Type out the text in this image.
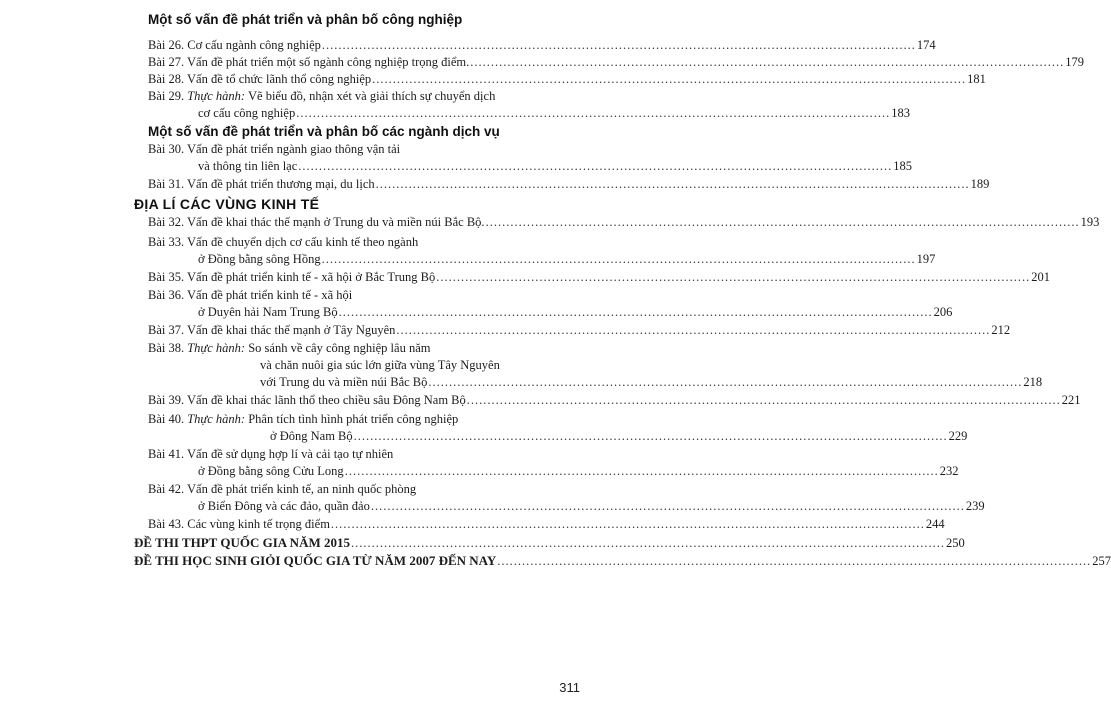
Một số vấn đề phát triển và phân bố công nghiệp
Bài 26. Cơ cấu ngành công nghiệp ................................................................................................................................................ 174
Bài 27. Vấn đề phát triển một số ngành công nghiệp trọng điểm. ................................................................................................................................................ 179
Bài 28. Vấn đề tổ chức lãnh thổ công nghiệp ................................................................................................................................................ 181
Bài 29. Thực hành: Vẽ biểu đồ, nhận xét và giải thích sự chuyển dịch
cơ cấu công nghiệp ................................................................................................................................................ 183
Một số vấn đề phát triển và phân bố các ngành dịch vụ
Bài 30. Vấn đề phát triển ngành giao thông vận tải
và thông tin liên lạc ................................................................................................................................................ 185
Bài 31. Vấn đề phát triển thương mại, du lịch ................................................................................................................................................ 189
ĐỊA LÍ CÁC VÙNG KINH TẾ
Bài 32. Vấn đề khai thác thế mạnh ở Trung du và miền núi Bắc Bộ. ................................................................................................................................................ 193
Bài 33. Vấn đề chuyển dịch cơ cấu kinh tế theo ngành
ở Đồng bằng sông Hồng ................................................................................................................................................ 197
Bài 35. Vấn đề phát triển kinh tế - xã hội ở Bắc Trung Bộ ................................................................................................................................................ 201
Bài 36. Vấn đề phát triển kinh tế - xã hội
ở Duyên hải Nam Trung Bộ ................................................................................................................................................ 206
Bài 37. Vấn đề khai thác thế mạnh ở Tây Nguyên ................................................................................................................................................ 212
Bài 38. Thực hành: So sánh về cây công nghiệp lâu năm
và chăn nuôi gia súc lớn giữa vùng Tây Nguyên
với Trung du và miền núi Bắc Bộ ................................................................................................................................................ 218
Bài 39. Vấn đề khai thác lãnh thổ theo chiều sâu Đông Nam Bộ ................................................................................................................................................ 221
Bài 40. Thực hành: Phân tích tình hình phát triển công nghiệp
ở Đông Nam Bộ ................................................................................................................................................ 229
Bài 41. Vấn đề sử dụng hợp lí và cải tạo tự nhiên
ở Đồng bằng sông Cửu Long ................................................................................................................................................ 232
Bài 42. Vấn đề phát triển kinh tế, an ninh quốc phòng
ở Biển Đông và các đảo, quần đảo ................................................................................................................................................ 239
Bài 43. Các vùng kinh tế trọng điểm ................................................................................................................................................ 244
ĐỀ THI THPT QUỐC GIA NĂM 2015 ................................................................................................................................................ 250
ĐỀ THI HỌC SINH GIỎI QUỐC GIA TỪ NĂM 2007 ĐẾN NAY ................................................................................................................................................ 257
311
